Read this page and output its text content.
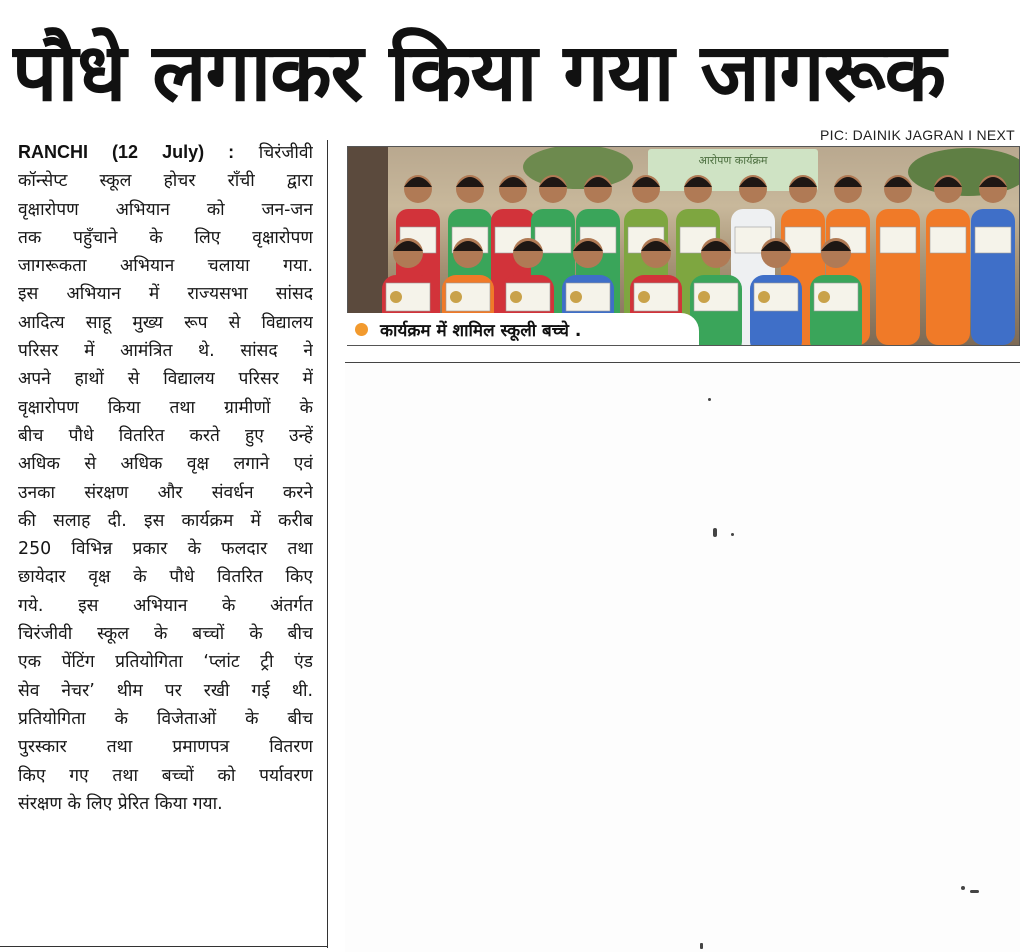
पौधे लगाकर किया गया जागरूक
PIC: DAINIK JAGRAN I NEXT
RANCHI (12 July) : चिरंजीवी
कॉन्सेप्ट स्कूल होचर राँची द्वारा
वृक्षारोपण अभियान को जन-जन
तक पहुँचाने के लिए वृक्षारोपण
जागरूकता अभियान चलाया गया.
इस अभियान में राज्यसभा सांसद
आदित्य साहू मुख्य रूप से विद्यालय
परिसर में आमंत्रित थे. सांसद ने
अपने हाथों से विद्यालय परिसर में
वृक्षारोपण किया तथा ग्रामीणों के
बीच पौधे वितरित करते हुए उन्हें
अधिक से अधिक वृक्ष लगाने एवं
उनका संरक्षण और संवर्धन करने
की सलाह दी. इस कार्यक्रम में करीब
250 विभिन्न प्रकार के फलदार तथा
छायेदार वृक्ष के पौधे वितरित किए
गये. इस अभियान के अंतर्गत
चिरंजीवी स्कूल के बच्चों के बीच
एक पेंटिंग प्रतियोगिता ‘प्लांट ट्री एंड
सेव नेचर’ थीम पर रखी गई थी.
प्रतियोगिता के विजेताओं के बीच
पुरस्कार तथा प्रमाणपत्र वितरण
किए गए तथा बच्चों को पर्यावरण
संरक्षण के लिए प्रेरित किया गया.
आरोपण कार्यक्रम
कार्यक्रम में शामिल स्कूली बच्चे .
